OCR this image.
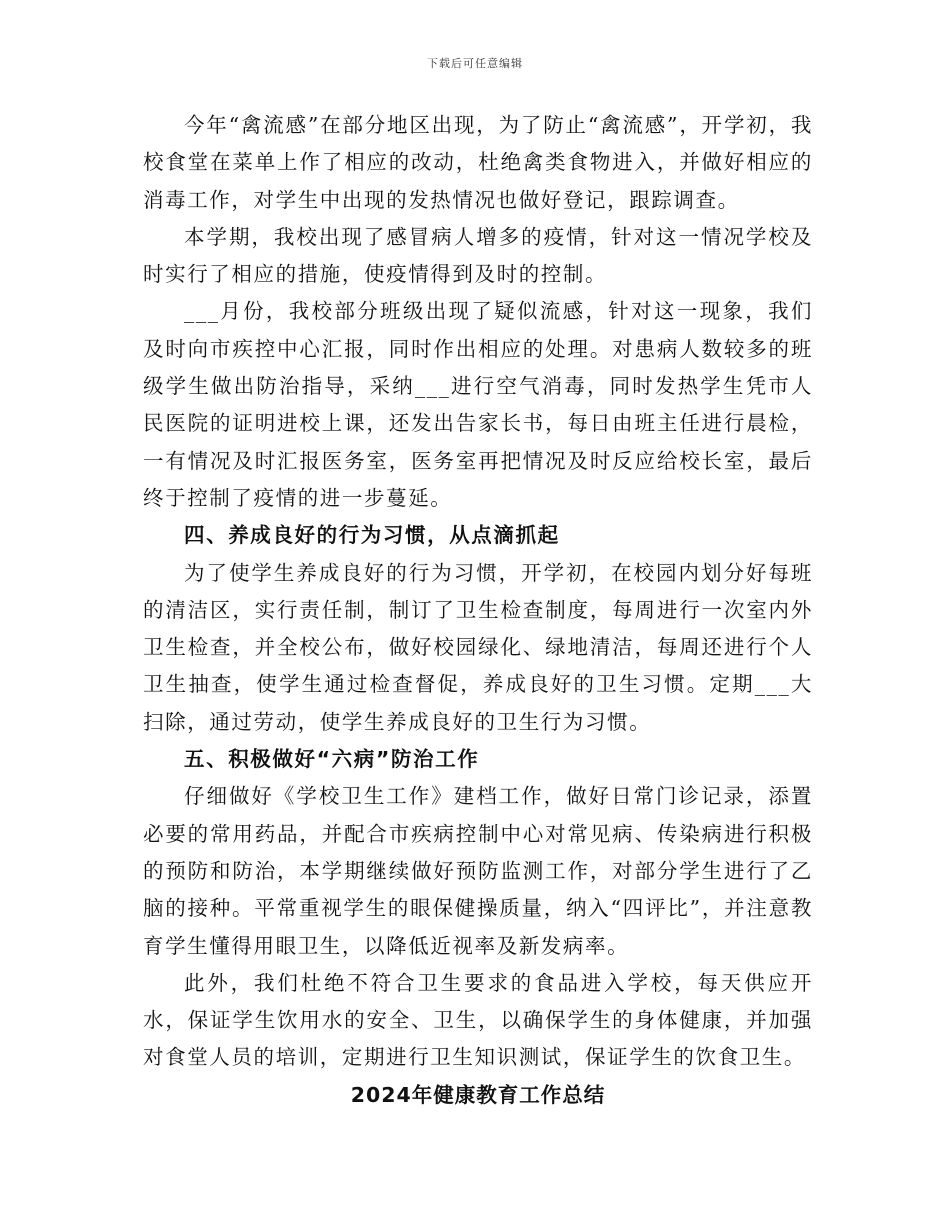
下载后可任意编辑

今年“禽流感”在部分地区出现，为了防止“禽流感”，开学初，我校食堂在菜单上作了相应的改动，杜绝禽类食物进入，并做好相应的消毒工作，对学生中出现的发热情况也做好登记，跟踪调查。

本学期，我校出现了感冒病人增多的疫情，针对这一情况学校及时实行了相应的措施，使疫情得到及时的控制。

___月份，我校部分班级出现了疑似流感，针对这一现象，我们及时向市疾控中心汇报，同时作出相应的处理。对患病人数较多的班级学生做出防治指导，采纳___进行空气消毒，同时发热学生凭市人民医院的证明进校上课，还发出告家长书，每日由班主任进行晨检，一有情况及时汇报医务室，医务室再把情况及时反应给校长室，最后终于控制了疫情的进一步蔓延。

四、养成良好的行为习惯，从点滴抓起

为了使学生养成良好的行为习惯，开学初，在校园内划分好每班的清洁区，实行责任制，制订了卫生检查制度，每周进行一次室内外卫生检查，并全校公布，做好校园绿化、绿地清洁，每周还进行个人卫生抽查，使学生通过检查督促，养成良好的卫生习惯。定期___大扫除，通过劳动，使学生养成良好的卫生行为习惯。

五、积极做好“六病”防治工作

仔细做好《学校卫生工作》建档工作，做好日常门诊记录，添置必要的常用药品，并配合市疾病控制中心对常见病、传染病进行积极的预防和防治，本学期继续做好预防监测工作，对部分学生进行了乙脑的接种。平常重视学生的眼保健操质量，纳入“四评比”，并注意教育学生懂得用眼卫生，以降低近视率及新发病率。

此外，我们杜绝不符合卫生要求的食品进入学校，每天供应开水，保证学生饮用水的安全、卫生，以确保学生的身体健康，并加强对食堂人员的培训，定期进行卫生知识测试，保证学生的饮食卫生。

2024年健康教育工作总结
